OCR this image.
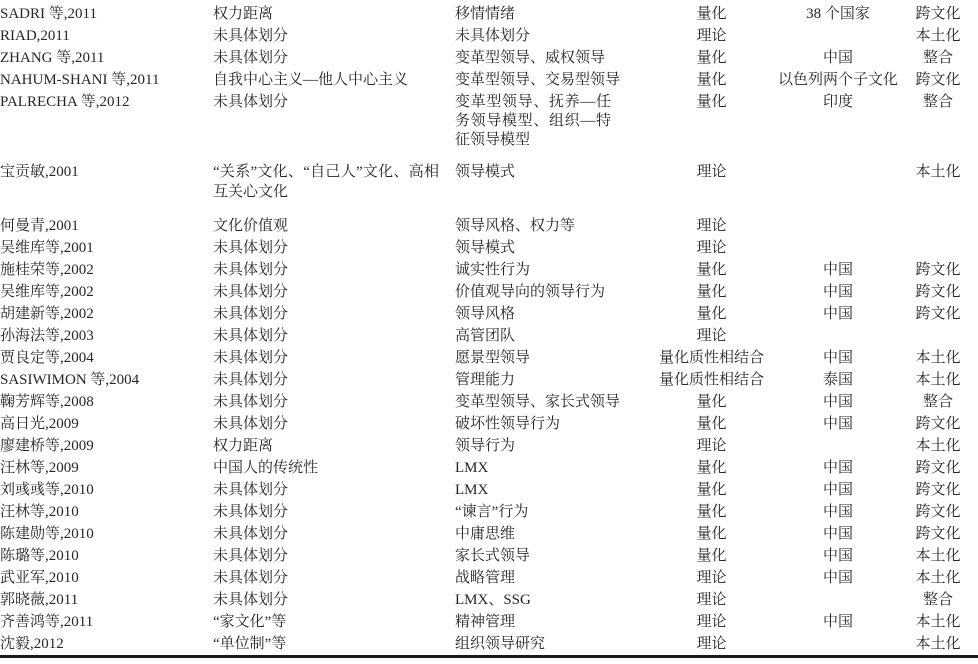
SADRI 等,2011	权力距离	移情情绪	量化	38 个国家	跨文化
RIAD,2011	未具体划分	未具体划分	理论		本土化
ZHANG 等,2011	未具体划分	变革型领导、威权领导	量化	中国	整合
NAHUM-SHANI 等,2011	自我中心主义—他人中心主义	变革型领导、交易型领导	量化	以色列两个子文化	跨文化
PALRECHA 等,2012	未具体划分	变革型领导、抚养—任务领导模型、组织—特征领导模型	量化	印度	整合
宝贡敏,2001	“关系”文化、“自己人”文化、高相互关心文化	领导模式	理论		本土化
何曼青,2001	文化价值观	领导风格、权力等	理论		
吴维库等,2001	未具体划分	领导模式	理论		
施桂荣等,2002	未具体划分	诚实性行为	量化	中国	跨文化
吴维库等,2002	未具体划分	价值观导向的领导行为	量化	中国	跨文化
胡建新等,2002	未具体划分	领导风格	量化	中国	跨文化
孙海法等,2003	未具体划分	高管团队	理论		
贾良定等,2004	未具体划分	愿景型领导	量化质性相结合	中国	本土化
SASIWIMON 等,2004	未具体划分	管理能力	量化质性相结合	泰国	本土化
鞠芳辉等,2008	未具体划分	变革型领导、家长式领导	量化	中国	整合
高日光,2009	未具体划分	破坏性领导行为	量化	中国	跨文化
廖建桥等,2009	权力距离	领导行为	理论		本土化
汪林等,2009	中国人的传统性	LMX	量化	中国	跨文化
刘彧彧等,2010	未具体划分	LMX	量化	中国	跨文化
汪林等,2010	未具体划分	“谏言”行为	量化	中国	跨文化
陈建勋等,2010	未具体划分	中庸思维	量化	中国	跨文化
陈璐等,2010	未具体划分	家长式领导	量化	中国	本土化
武亚军,2010	未具体划分	战略管理	理论	中国	本土化
郭晓薇,2011	未具体划分	LMX、SSG	理论		整合
齐善鸿等,2011	“家文化”等	精神管理	理论	中国	本土化
沈毅,2012	“单位制”等	组织领导研究	理论		本土化
